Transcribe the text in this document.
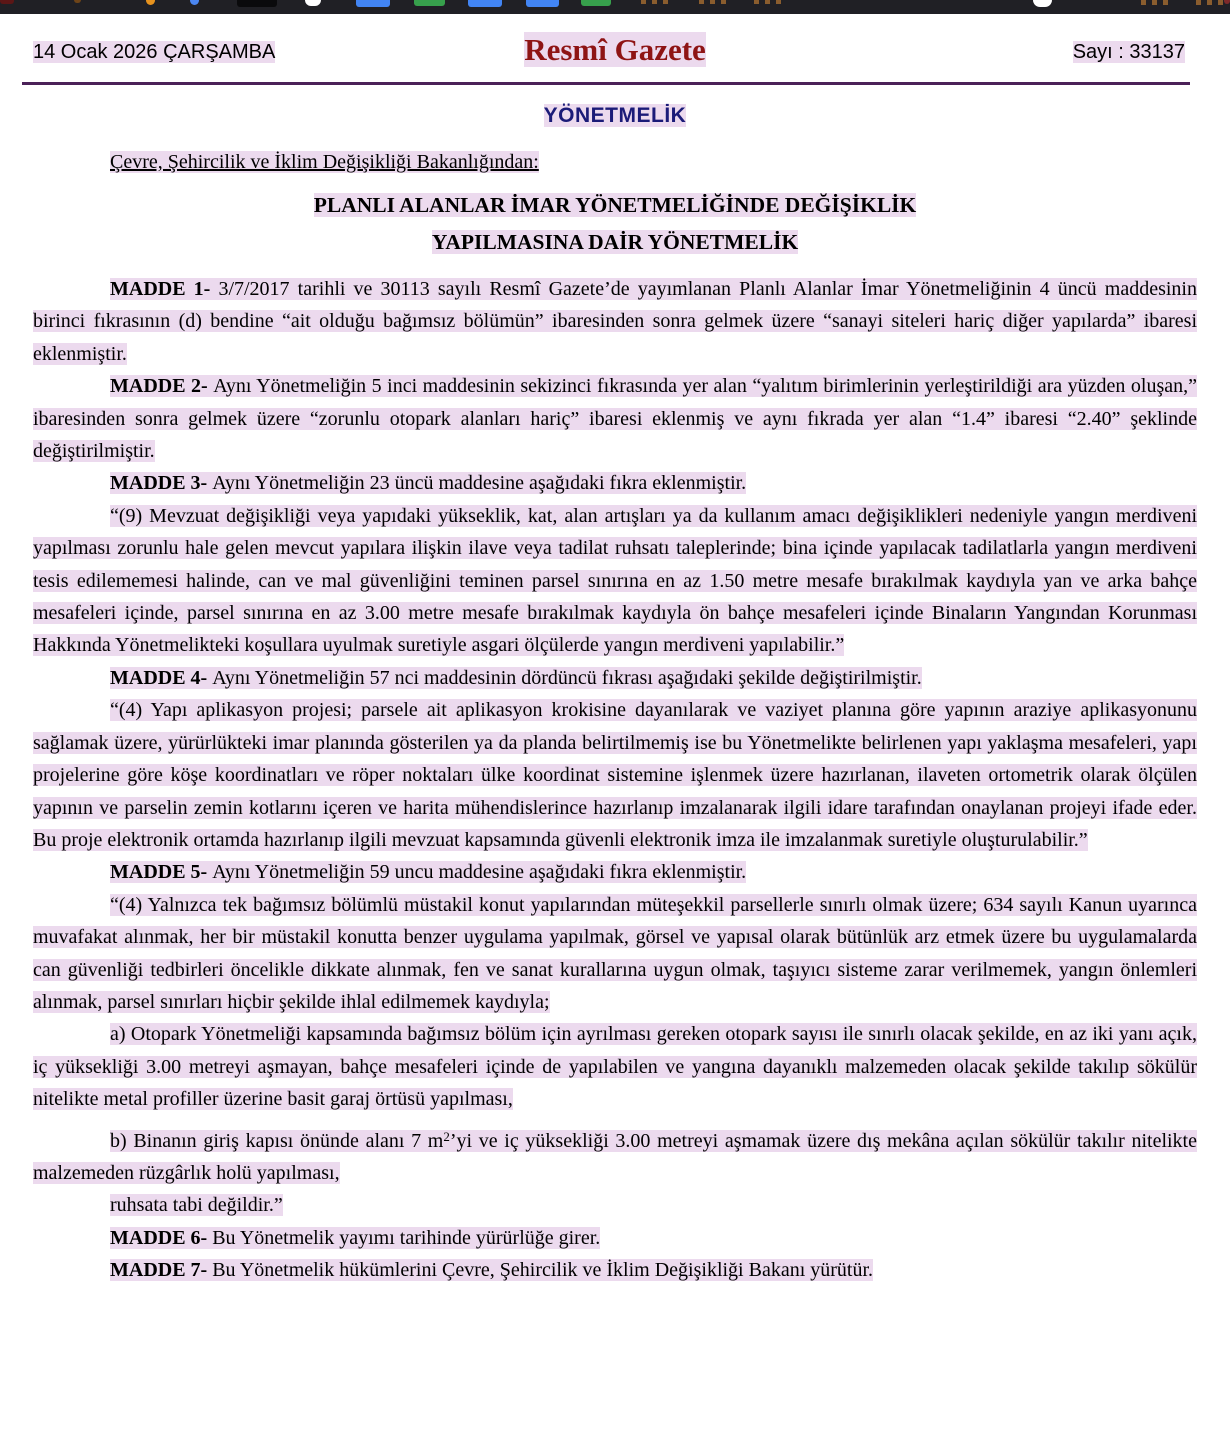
14 Ocak 2026 ÇARŞAMBA	Resmî Gazete	Sayı : 33137
YÖNETMELİK
Çevre, Şehircilik ve İklim Değişikliği Bakanlığından:
PLANLI ALANLAR İMAR YÖNETMELİĞİNDE DEĞİŞİKLİK
YAPILMASINA DAİR YÖNETMELİK

MADDE 1- 3/7/2017 tarihli ve 30113 sayılı Resmî Gazete’de yayımlanan Planlı Alanlar İmar Yönetmeliğinin 4 üncü maddesinin birinci fıkrasının (d) bendine “ait olduğu bağımsız bölümün” ibaresinden sonra gelmek üzere “sanayi siteleri hariç diğer yapılarda” ibaresi eklenmiştir.

MADDE 2- Aynı Yönetmeliğin 5 inci maddesinin sekizinci fıkrasında yer alan “yalıtım birimlerinin yerleştirildiği ara yüzden oluşan,” ibaresinden sonra gelmek üzere “zorunlu otopark alanları hariç” ibaresi eklenmiş ve aynı fıkrada yer alan “1.4” ibaresi “2.40” şeklinde değiştirilmiştir.

MADDE 3- Aynı Yönetmeliğin 23 üncü maddesine aşağıdaki fıkra eklenmiştir.

“(9) Mevzuat değişikliği veya yapıdaki yükseklik, kat, alan artışları ya da kullanım amacı değişiklikleri nedeniyle yangın merdiveni yapılması zorunlu hale gelen mevcut yapılara ilişkin ilave veya tadilat ruhsatı taleplerinde; bina içinde yapılacak tadilatlarla yangın merdiveni tesis edilememesi halinde, can ve mal güvenliğini teminen parsel sınırına en az 1.50 metre mesafe bırakılmak kaydıyla yan ve arka bahçe mesafeleri içinde, parsel sınırına en az 3.00 metre mesafe bırakılmak kaydıyla ön bahçe mesafeleri içinde Binaların Yangından Korunması Hakkında Yönetmelikteki koşullara uyulmak suretiyle asgari ölçülerde yangın merdiveni yapılabilir.”

MADDE 4- Aynı Yönetmeliğin 57 nci maddesinin dördüncü fıkrası aşağıdaki şekilde değiştirilmiştir.

“(4) Yapı aplikasyon projesi; parsele ait aplikasyon krokisine dayanılarak ve vaziyet planına göre yapının araziye aplikasyonunu sağlamak üzere, yürürlükteki imar planında gösterilen ya da planda belirtilmemiş ise bu Yönetmelikte belirlenen yapı yaklaşma mesafeleri, yapı projelerine göre köşe koordinatları ve röper noktaları ülke koordinat sistemine işlenmek üzere hazırlanan, ilaveten ortometrik olarak ölçülen yapının ve parselin zemin kotlarını içeren ve harita mühendislerince hazırlanıp imzalanarak ilgili idare tarafından onaylanan projeyi ifade eder. Bu proje elektronik ortamda hazırlanıp ilgili mevzuat kapsamında güvenli elektronik imza ile imzalanmak suretiyle oluşturulabilir.”

MADDE 5- Aynı Yönetmeliğin 59 uncu maddesine aşağıdaki fıkra eklenmiştir.

“(4) Yalnızca tek bağımsız bölümlü müstakil konut yapılarından müteşekkil parsellerle sınırlı olmak üzere; 634 sayılı Kanun uyarınca muvafakat alınmak, her bir müstakil konutta benzer uygulama yapılmak, görsel ve yapısal olarak bütünlük arz etmek üzere bu uygulamalarda can güvenliği tedbirleri öncelikle dikkate alınmak, fen ve sanat kurallarına uygun olmak, taşıyıcı sisteme zarar verilmemek, yangın önlemleri alınmak, parsel sınırları hiçbir şekilde ihlal edilmemek kaydıyla;

a) Otopark Yönetmeliği kapsamında bağımsız bölüm için ayrılması gereken otopark sayısı ile sınırlı olacak şekilde, en az iki yanı açık, iç yüksekliği 3.00 metreyi aşmayan, bahçe mesafeleri içinde de yapılabilen ve yangına dayanıklı malzemeden olacak şekilde takılıp sökülür nitelikte metal profiller üzerine basit garaj örtüsü yapılması,

b) Binanın giriş kapısı önünde alanı 7 $m^2’yi$ ve iç yüksekliği 3.00 metreyi aşmamak üzere dış mekâna açılan sökülür takılır nitelikte malzemeden rüzgârlık holü yapılması,

ruhsata tabi değildir.”

MADDE 6- Bu Yönetmelik yayımı tarihinde yürürlüğe girer.

MADDE 7- Bu Yönetmelik hükümlerini Çevre, Şehircilik ve İklim Değişikliği Bakanı yürütür.
